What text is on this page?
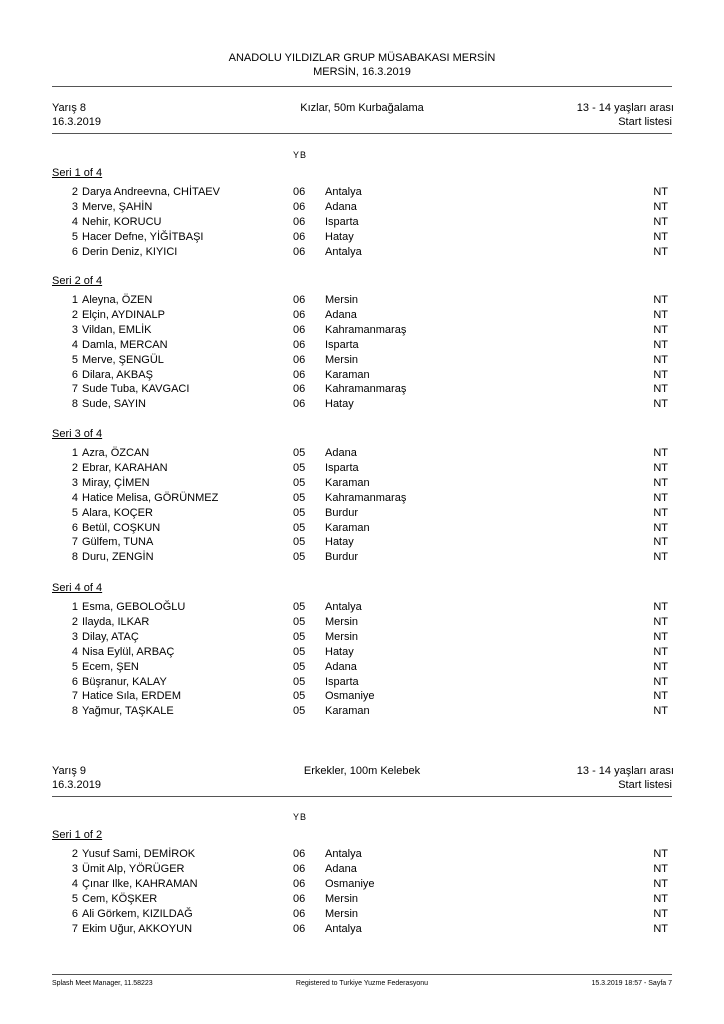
ANADOLU YILDIZLAR GRUP MÜSABAKASI MERSİN
MERSİN, 16.3.2019
Yarış 8
16.3.2019
Kızlar, 50m Kurbağalama	13 - 14 yaşları arası
Start listesi
YB
Seri 1 of 4
2 Darya Andreevna, CHİTAEV	06 Antalya	NT
3 Merve, ŞAHİN	06 Adana	NT
4 Nehir, KORUCU	06 Isparta	NT
5 Hacer Defne, YİĞİTBAŞI	06 Hatay	NT
6 Derin Deniz, KIYICI	06 Antalya	NT
Seri 2 of 4
1 Aleyna, ÖZEN	06 Mersin	NT
2 Elçin, AYDINALP	06 Adana	NT
3 Vildan, EMLİK	06 Kahramanmaraş	NT
4 Damla, MERCAN	06 Isparta	NT
5 Merve, ŞENGÜL	06 Mersin	NT
6 Dilara, AKBAŞ	06 Karaman	NT
7 Sude Tuba, KAVGACI	06 Kahramanmaraş	NT
8 Sude, SAYIN	06 Hatay	NT
Seri 3 of 4
1 Azra, ÖZCAN	05 Adana	NT
2 Ebrar, KARAHAN	05 Isparta	NT
3 Miray, ÇİMEN	05 Karaman	NT
4 Hatice Melisa, GÖRÜNMEZ	05 Kahramanmaraş	NT
5 Alara, KOÇER	05 Burdur	NT
6 Betül, COŞKUN	05 Karaman	NT
7 Gülfem, TUNA	05 Hatay	NT
8 Duru, ZENGİN	05 Burdur	NT
Seri 4 of 4
1 Esma, GEBOLOĞLU	05 Antalya	NT
2 Ilayda, ILKAR	05 Mersin	NT
3 Dilay, ATAÇ	05 Mersin	NT
4 Nisa Eylül, ARBAÇ	05 Hatay	NT
5 Ecem, ŞEN	05 Adana	NT
6 Büşranur, KALAY	05 Isparta	NT
7 Hatice Sıla, ERDEM	05 Osmaniye	NT
8 Yağmur, TAŞKALE	05 Karaman	NT
Yarış 9
16.3.2019
Erkekler, 100m Kelebek	13 - 14 yaşları arası
Start listesi
YB
Seri 1 of 2
2 Yusuf Sami, DEMİROK	06 Antalya	NT
3 Ümit Alp, YÖRÜGER	06 Adana	NT
4 Çınar Ilke, KAHRAMAN	06 Osmaniye	NT
5 Cem, KÖŞKER	06 Mersin	NT
6 Ali Görkem, KIZILDAĞ	06 Mersin	NT
7 Ekim Uğur, AKKOYUN	06 Antalya	NT
Splash Meet Manager, 11.58223	Registered to Turkiye Yuzme Federasyonu	15.3.2019 18:57 - Sayfa 7
